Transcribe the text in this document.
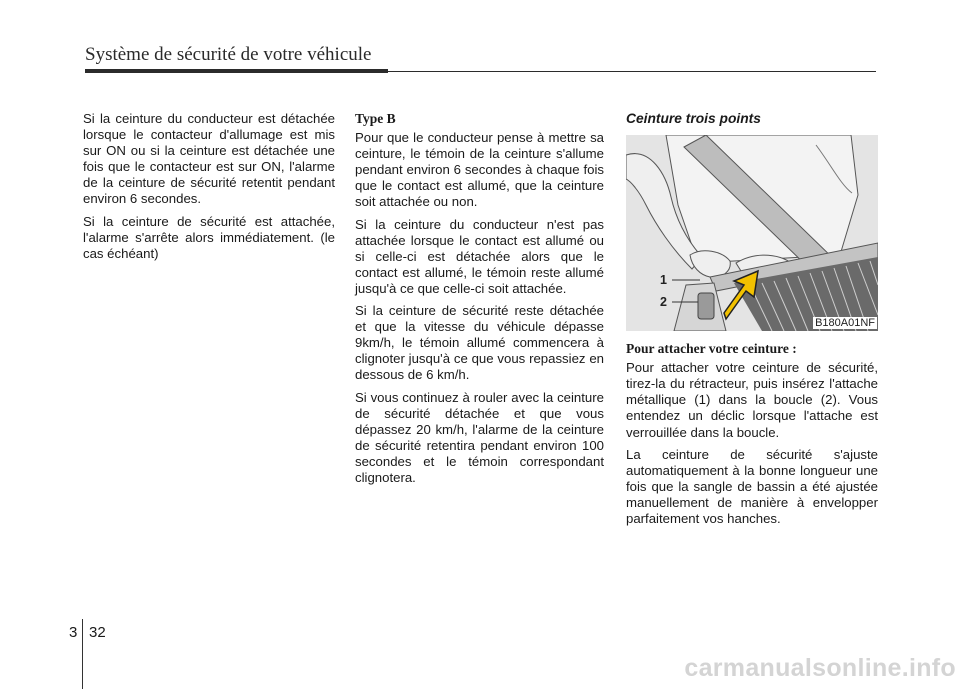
Système de sécurité de votre véhicule

Si la ceinture du conducteur est détachée lorsque le contacteur d'allumage est mis sur ON ou si la ceinture est détachée une fois que le contacteur est sur ON, l'alarme de la ceinture de sécurité retentit pendant environ 6 secondes.

Si la ceinture de sécurité est attachée, l'alarme s'arrête alors immédiatement. (le cas échéant)

Type B

Pour que le conducteur pense à mettre sa ceinture, le témoin de la ceinture s'allume pendant environ 6 secondes à chaque fois que le contact est allumé, que la ceinture soit attachée ou non.

Si la ceinture du conducteur n'est pas attachée lorsque le contact est allumé ou si celle-ci est détachée alors que le contact est allumé, le témoin reste allumé jusqu'à ce que celle-ci soit attachée.

Si la ceinture de sécurité reste détachée et que la vitesse du véhicule dépasse 9km/h, le témoin allumé commencera à clignoter jusqu'à ce que vous repassiez en dessous de 6 km/h.

Si vous continuez à rouler avec la ceinture de sécurité détachée et que vous dépassez 20 km/h, l'alarme de la ceinture de sécurité retentira pendant environ 100 secondes et le témoin correspondant clignotera.

Ceinture trois points

1
2
B180A01NF

Pour attacher votre ceinture :

Pour attacher votre ceinture de sécurité, tirez-la du rétracteur, puis insérez l'attache métallique (1) dans la boucle (2). Vous entendez un déclic lorsque l'attache est verrouillée dans la boucle.

La ceinture de sécurité s'ajuste automatiquement à la bonne longueur une fois que la sangle de bassin a été ajustée manuellement de manière à envelopper parfaitement vos hanches.

3 32
carmanualsonline.info
